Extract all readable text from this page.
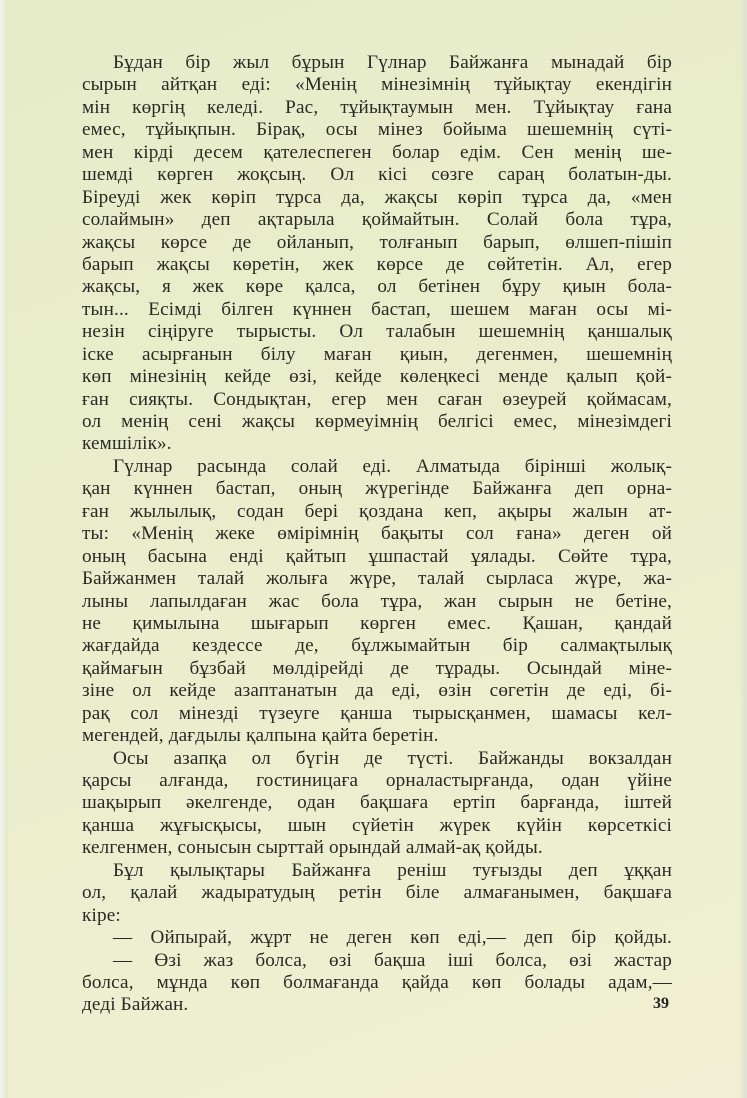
Бұдан бір жыл бұрын Гүлнар Байжанға мынадай бір
сырын айтқан еді: «Менің мінезімнің тұйықтау екендігін
мін көргің келеді. Рас, тұйықтаумын мен. Тұйықтау ғана
емес, тұйықпын. Бірақ, осы мінез бойыма шешемнің сүті-
мен кірді десем қателеспеген болар едім. Сен менің ше-
шемді көрген жоқсың. Ол кісі сөзге сараң болатын-ды.
Біреуді жек көріп тұрса да, жақсы көріп тұрса да, «мен
солаймын» деп ақтарыла қоймайтын. Солай бола тұра,
жақсы көрсе де ойланып, толғанып барып, өлшеп-пішіп
барып жақсы көретін, жек көрсе де сөйтетін. Ал, егер
жақсы, я жек көре қалса, ол бетінен бұру қиын бола-
тын... Есімді білген күннен бастап, шешем маған осы мі-
незін сіңіруге тырысты. Ол талабын шешемнің қаншалық
іске асырғанын білу маған қиын, дегенмен, шешемнің
көп мінезінің кейде өзі, кейде көлеңкесі менде қалып қой-
ған сияқты. Сондықтан, егер мен саған өзеурей қоймасам,
ол менің сені жақсы көрмеуімнің белгісі емес, мінезімдегі
кемшілік».
Гүлнар расында солай еді. Алматыда бірінші жолық-
қан күннен бастап, оның жүрегінде Байжанға деп орна-
ған жылылық, содан бері қоздана кеп, ақыры жалын ат-
ты: «Менің жеке өмірімнің бақыты сол ғана» деген ой
оның басына енді қайтып ұшпастай ұялады. Сөйте тұра,
Байжанмен талай жолыға жүре, талай сырласа жүре, жа-
лыны лапылдаған жас бола тұра, жан сырын не бетіне,
не қимылына шығарып көрген емес. Қашан, қандай
жағдайда кездессе де, бұлжымайтын бір салмақтылық
қаймағын бұзбай мөлдірейді де тұрады. Осындай міне-
зіне ол кейде азаптанатын да еді, өзін сөгетін де еді, бі-
рақ сол мінезді түзеуге қанша тырысқанмен, шамасы кел-
мегендей, дағдылы қалпына қайта беретін.
Осы азапқа ол бүгін де түсті. Байжанды вокзалдан
қарсы алғанда, гостиницаға орналастырғанда, одан үйіне
шақырып әкелгенде, одан бақшаға ертіп барғанда, іштей
қанша жұғысқысы, шын сүйетін жүрек күйін көрсеткісі
келгенмен, сонысын сырттай орындай алмай-ақ қойды.
Бұл қылықтары Байжанға реніш туғызды деп ұққан
ол, қалай жадыратудың ретін біле алмағанымен, бақшаға
кіре:
— Ойпырай, жұрт не деген көп еді,— деп бір қойды.
— Өзі жаз болса, өзі бақша іші болса, өзі жастар
болса, мұнда көп болмағанда қайда көп болады адам,—
деді Байжан.	39
